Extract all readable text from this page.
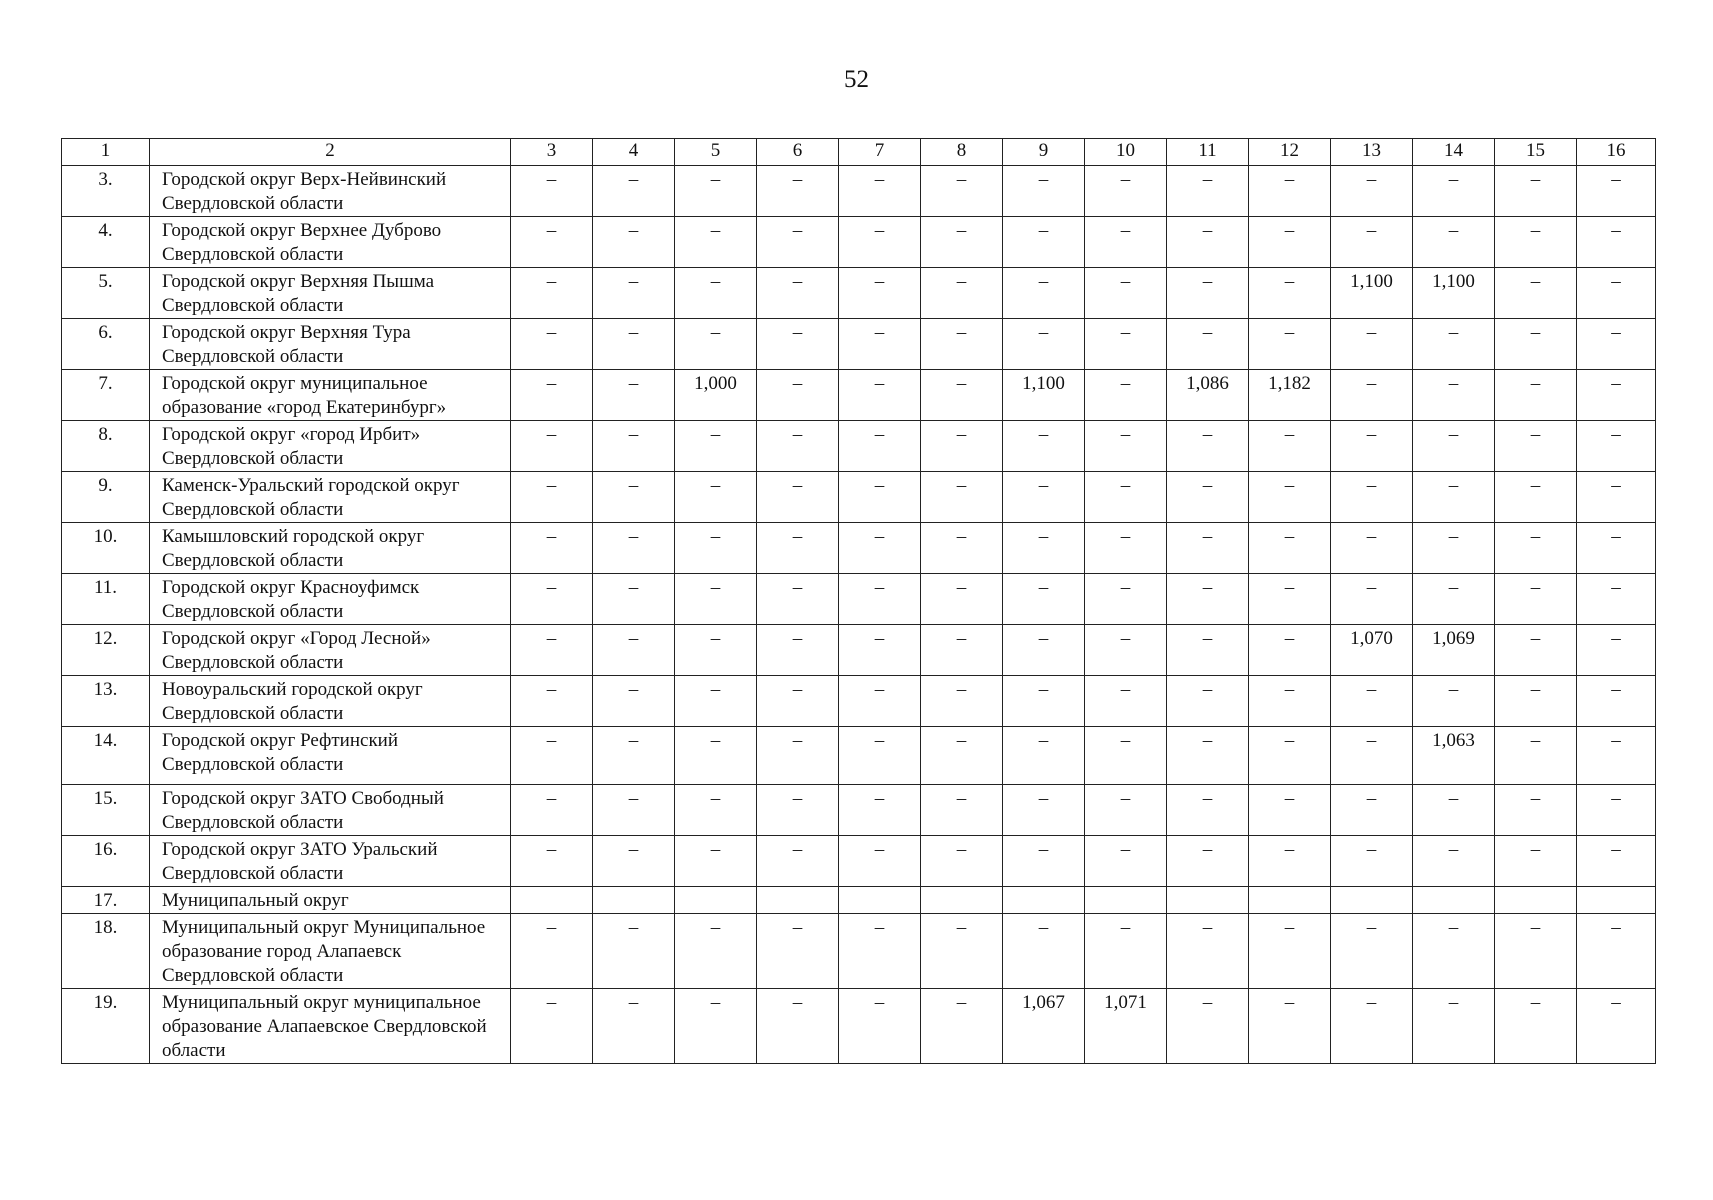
52
1	2	3	4	5	6	7	8	9	10	11	12	13	14	15	16
3.	Городской округ Верх-Нейвинский Свердловской области	–	–	–	–	–	–	–	–	–	–	–	–	–	–
4.	Городской округ Верхнее Дуброво Свердловской области	–	–	–	–	–	–	–	–	–	–	–	–	–	–
5.	Городской округ Верхняя Пышма Свердловской области	–	–	–	–	–	–	–	–	–	–	1,100	1,100	–	–
6.	Городской округ Верхняя Тура Свердловской области	–	–	–	–	–	–	–	–	–	–	–	–	–	–
7.	Городской округ муниципальное образование «город Екатеринбург»	–	–	1,000	–	–	–	1,100	–	1,086	1,182	–	–	–	–
8.	Городской округ «город Ирбит» Свердловской области	–	–	–	–	–	–	–	–	–	–	–	–	–	–
9.	Каменск-Уральский городской округ Свердловской области	–	–	–	–	–	–	–	–	–	–	–	–	–	–
10.	Камышловский городской округ Свердловской области	–	–	–	–	–	–	–	–	–	–	–	–	–	–
11.	Городской округ Красноуфимск Свердловской области	–	–	–	–	–	–	–	–	–	–	–	–	–	–
12.	Городской округ «Город Лесной» Свердловской области	–	–	–	–	–	–	–	–	–	–	1,070	1,069	–	–
13.	Новоуральский городской округ Свердловской области	–	–	–	–	–	–	–	–	–	–	–	–	–	–
14.	Городской округ Рефтинский Свердловской области	–	–	–	–	–	–	–	–	–	–	–	1,063	–	–
15.	Городской округ ЗАТО Свободный Свердловской области	–	–	–	–	–	–	–	–	–	–	–	–	–	–
16.	Городской округ ЗАТО Уральский Свердловской области	–	–	–	–	–	–	–	–	–	–	–	–	–	–
17.	Муниципальный округ														
18.	Муниципальный округ Муниципальное образование город Алапаевск Свердловской области	–	–	–	–	–	–	–	–	–	–	–	–	–	–
19.	Муниципальный округ муниципальное образование Алапаевское Свердловской области	–	–	–	–	–	–	1,067	1,071	–	–	–	–	–	–
